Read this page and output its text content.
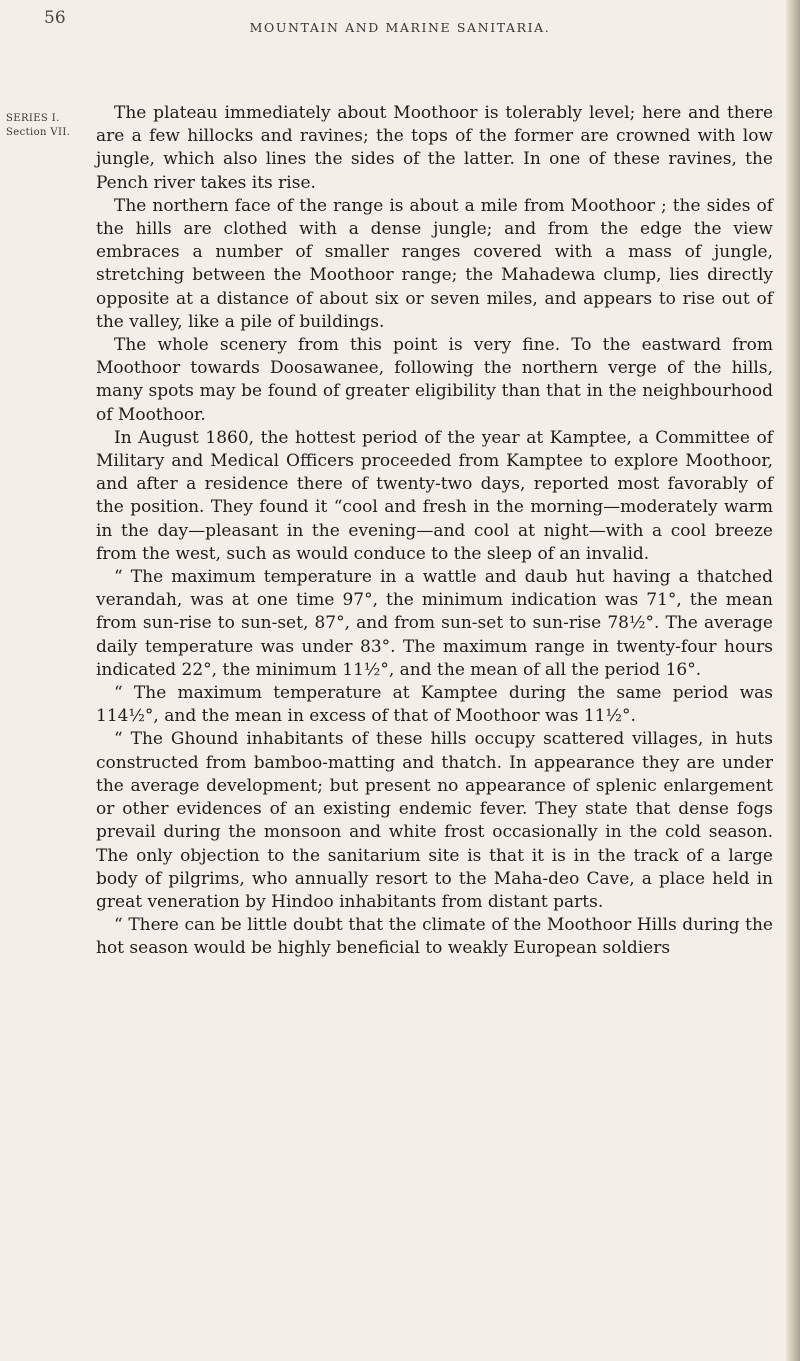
56	MOUNTAIN AND MARINE SANITARIA.
SERIES I.
Section VII.

The plateau immediately about Moothoor is tolerably level; here and there are a few hillocks and ravines; the tops of the former are crowned with low jungle, which also lines the sides of the latter. In one of these ravines, the Pench river takes its rise.

The northern face of the range is about a mile from Moothoor ; the sides of the hills are clothed with a dense jungle; and from the edge the view embraces a number of smaller ranges covered with a mass of jungle, stretching between the Moothoor range; the Mahadewa clump, lies directly opposite at a distance of about six or seven miles, and appears to rise out of the valley, like a pile of buildings.

The whole scenery from this point is very fine. To the eastward from Moothoor towards Doosawanee, following the northern verge of the hills, many spots may be found of greater eligibility than that in the neighbourhood of Moothoor.

In August 1860, the hottest period of the year at Kamptee, a Committee of Military and Medical Officers proceeded from Kamptee to explore Moothoor, and after a residence there of twenty-two days, reported most favorably of the position. They found it “cool and fresh in the morning—moderately warm in the day—pleasant in the evening—and cool at night—with a cool breeze from the west, such as would conduce to the sleep of an invalid.

“ The maximum temperature in a wattle and daub hut having a thatched verandah, was at one time 97°, the minimum indication was 71°, the mean from sun-rise to sun-set, 87°, and from sun-set to sun-rise 78½°. The average daily temperature was under 83°. The maximum range in twenty-four hours indicated 22°, the minimum 11½°, and the mean of all the period 16°.

“ The maximum temperature at Kamptee during the same period was 114½°, and the mean in excess of that of Moothoor was 11½°.

“ The Ghound inhabitants of these hills occupy scattered villages, in huts constructed from bamboo-matting and thatch. In appearance they are under the average development; but present no appearance of splenic enlargement or other evidences of an existing endemic fever. They state that dense fogs prevail during the monsoon and white frost occasionally in the cold season. The only objection to the sanitarium site is that it is in the track of a large body of pilgrims, who annually resort to the Maha-deo Cave, a place held in great veneration by Hindoo inhabitants from distant parts.

“ There can be little doubt that the climate of the Moothoor Hills during the hot season would be highly beneficial to weakly European soldiers
